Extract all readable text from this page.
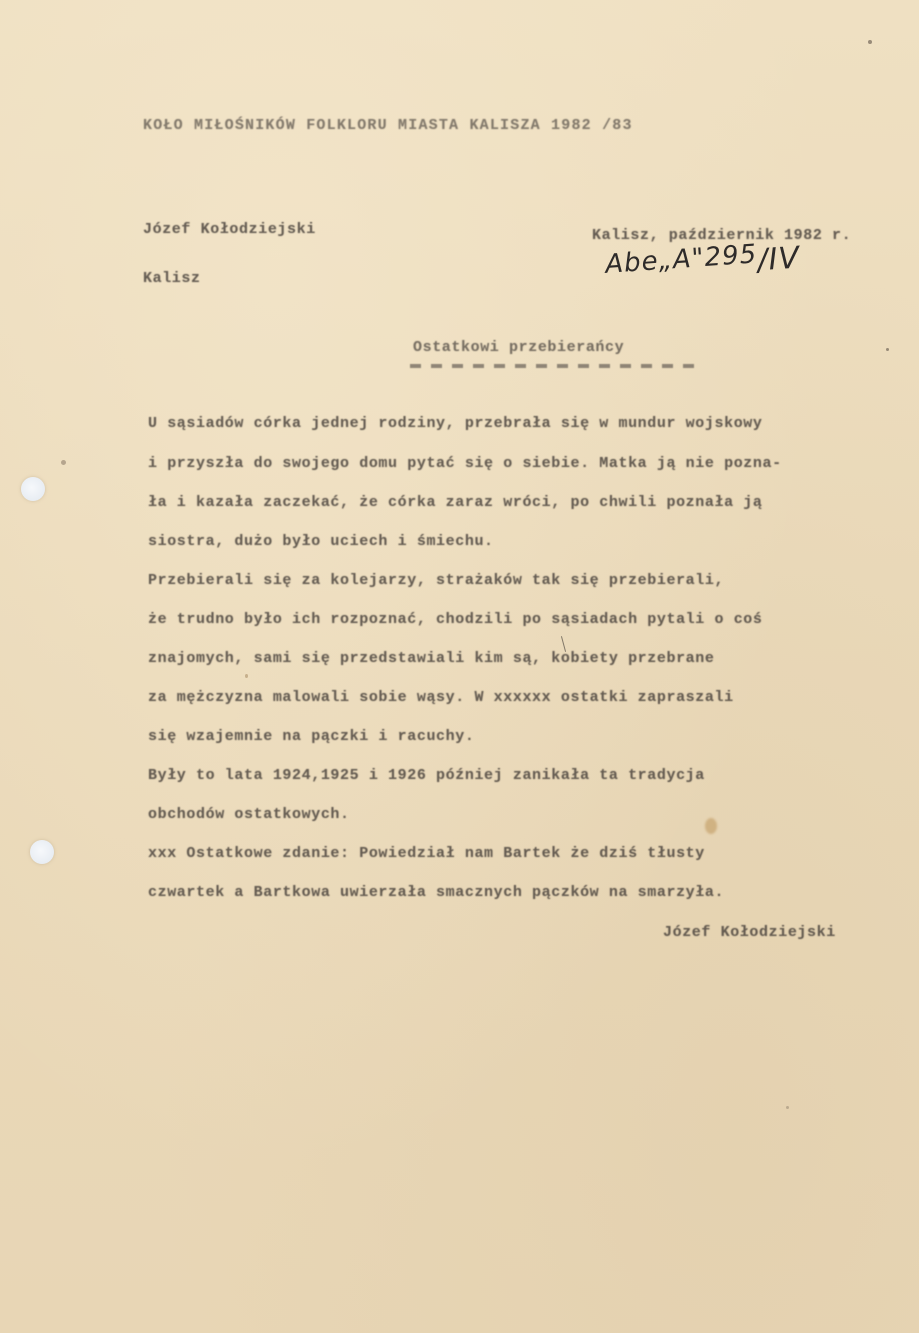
KOŁO MIŁOŚNIKÓW FOLKLORU MIASTA KALISZA 1982 /83
Józef Kołodziejski
Kalisz
Kalisz, październik 1982 r.
Abe„A"295/IV
Ostatkowi przebierańcy
U sąsiadów córka jednej rodziny, przebrała się w mundur wojskowy
i przyszła do swojego domu pytać się o siebie. Matka ją nie pozna-
ła i kazała zaczekać, że córka zaraz wróci, po chwili poznała ją
siostra, dużo było uciech i śmiechu.
Przebierali się za kolejarzy, strażaków tak się przebierali,
że trudno było ich rozpoznać, chodzili po sąsiadach pytali o coś
znajomych, sami się przedstawiali kim są, kobiety przebrane
za mężczyzna malowali sobie wąsy. W xxxxxx ostatki zapraszali
się wzajemnie na pączki i racuchy.
Były to lata 1924,1925 i 1926 później zanikała ta tradycja
obchodów ostatkowych.
xxx Ostatkowe zdanie: Powiedział nam Bartek że dziś tłusty
czwartek a Bartkowa uwierzała smacznych pączków na smarzyła.
Józef Kołodziejski
